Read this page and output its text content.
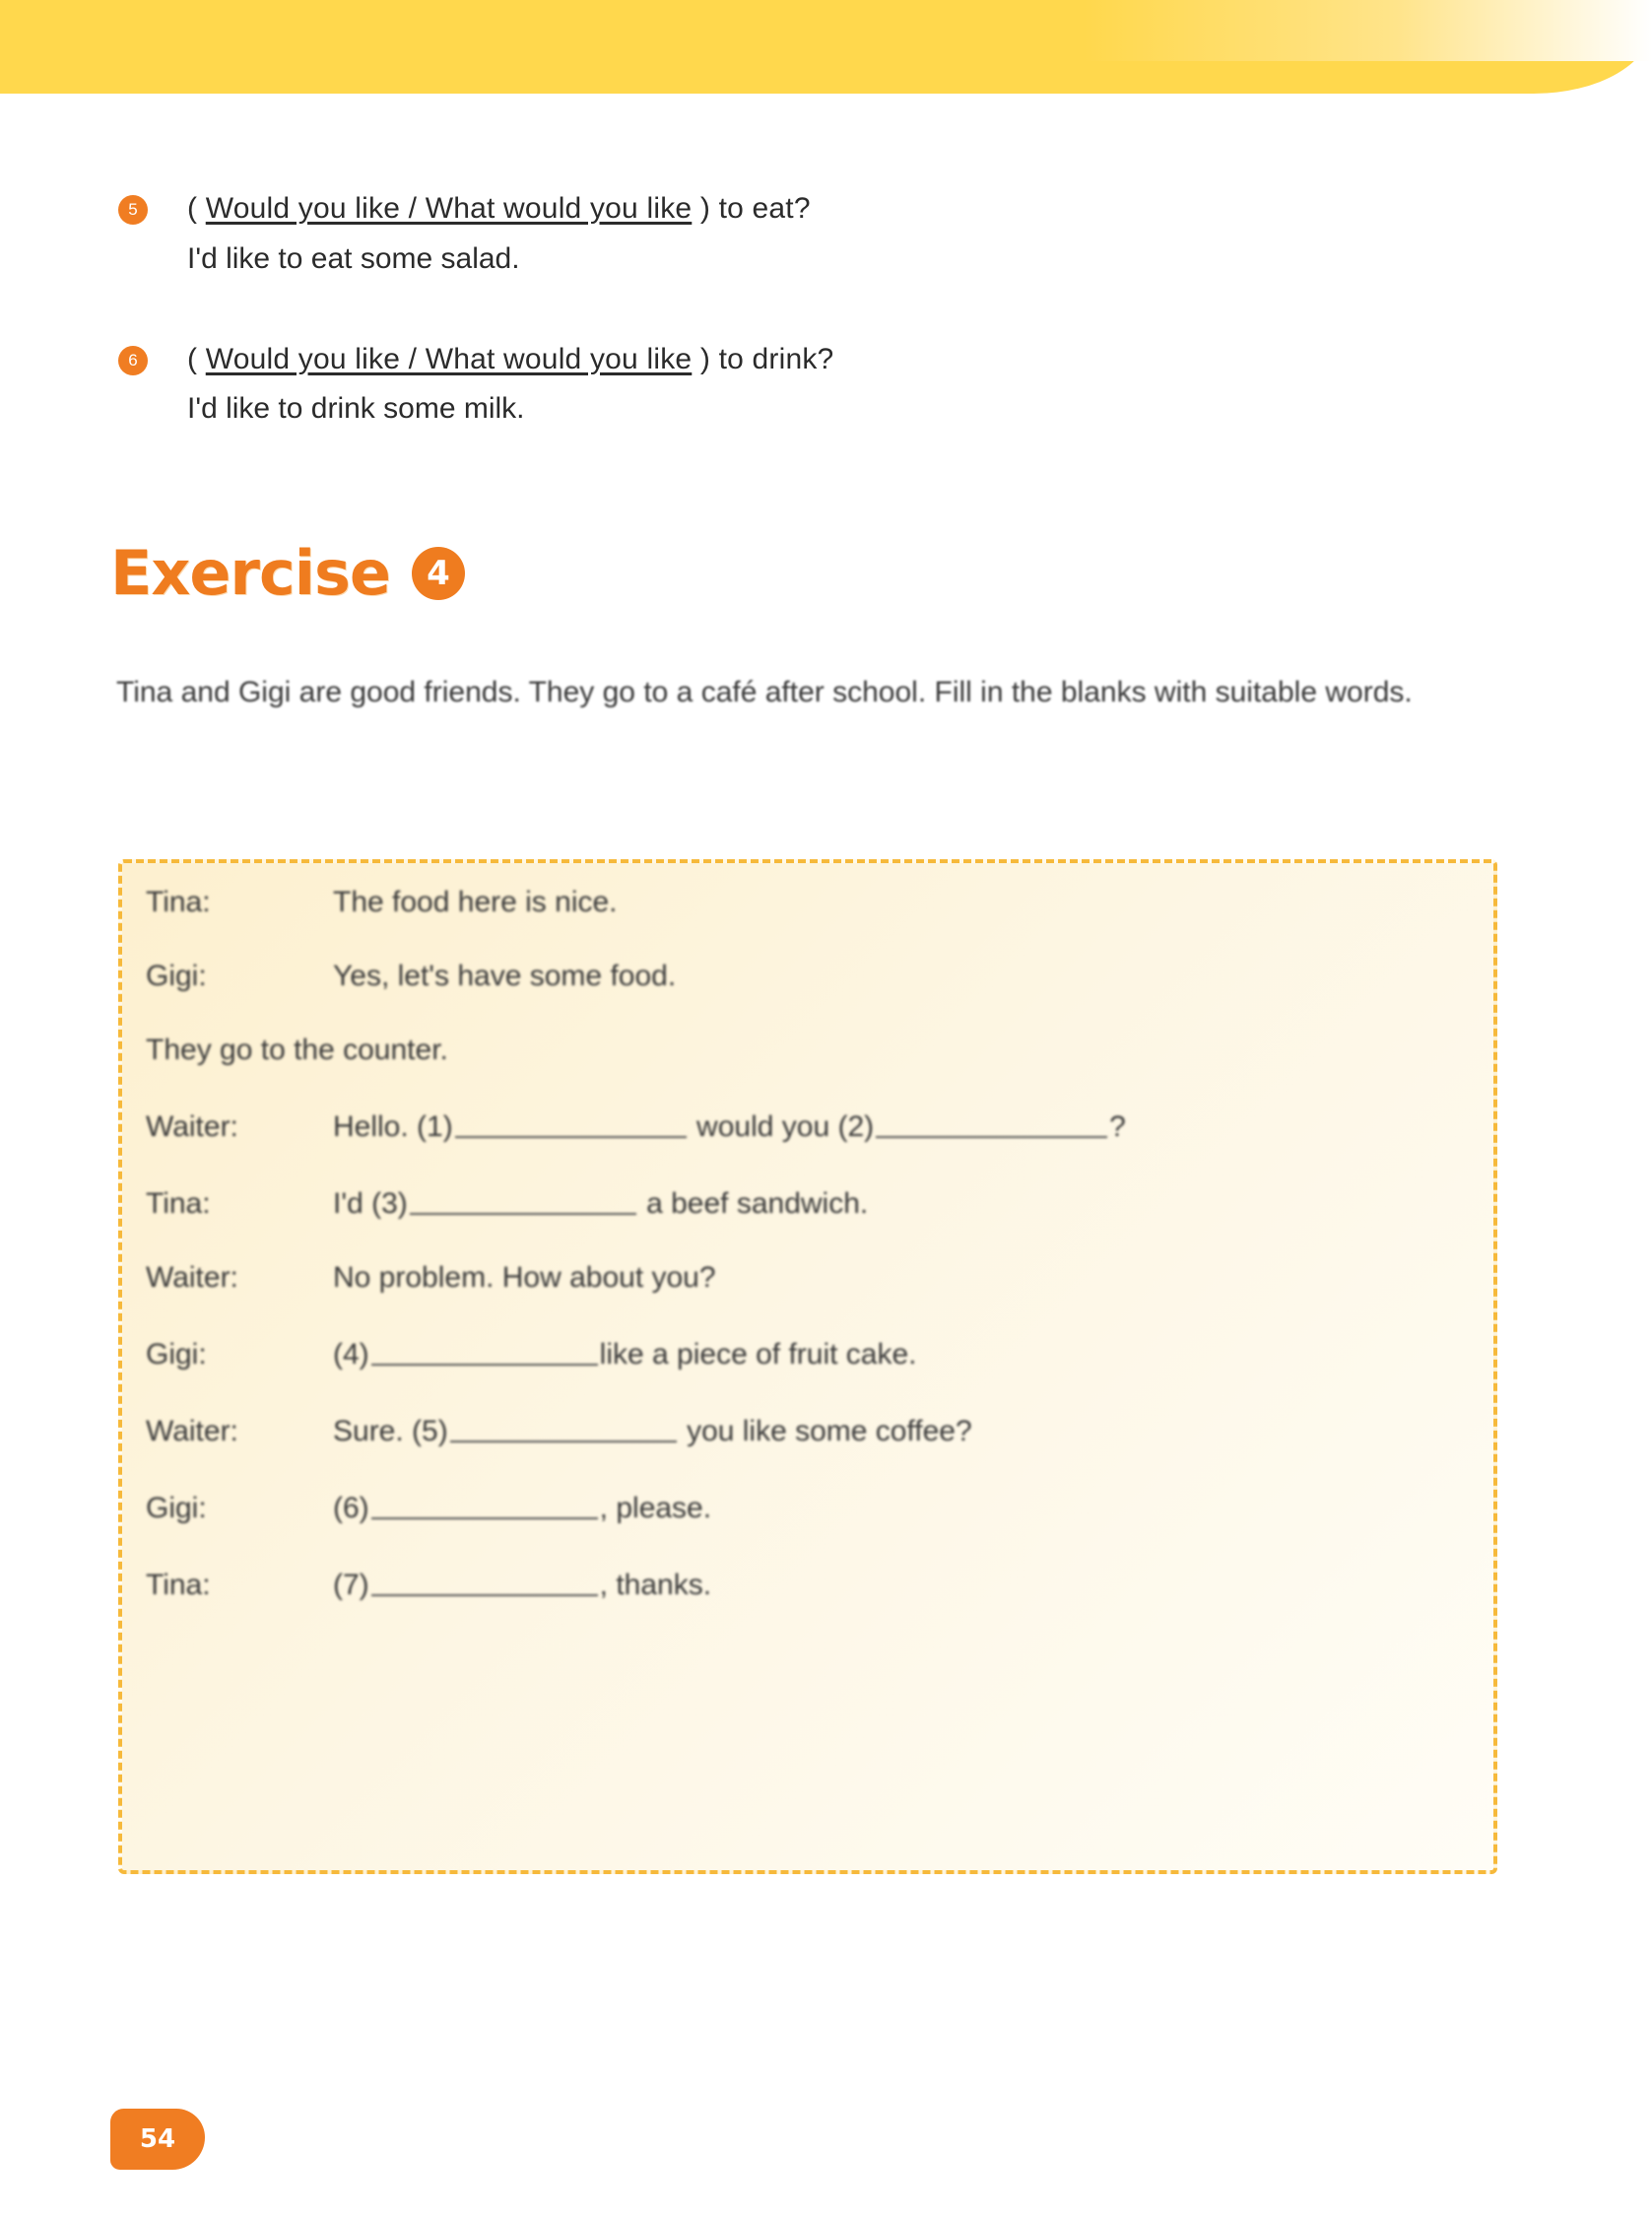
5	( Would you like / What would you like ) to eat?
I'd like to eat some salad.
6	( Would you like / What would you like ) to drink?
I'd like to drink some milk.
Exercise	4
Tina and Gigi are good friends. They go to a café after school. Fill in the blanks with suitable words.
Tina:	The food here is nice.
Gigi:	Yes, let's have some food.
They go to the counter.
Waiter:	Hello. (1)	would you (2)	?
Tina:	I'd (3)	a beef sandwich.
Waiter:	No problem. How about you?
Gigi:	(4)	like a piece of fruit cake.
Waiter:	Sure. (5)	you like some coffee?
Gigi:	(6)	, please.
Tina:	(7)	, thanks.
54
